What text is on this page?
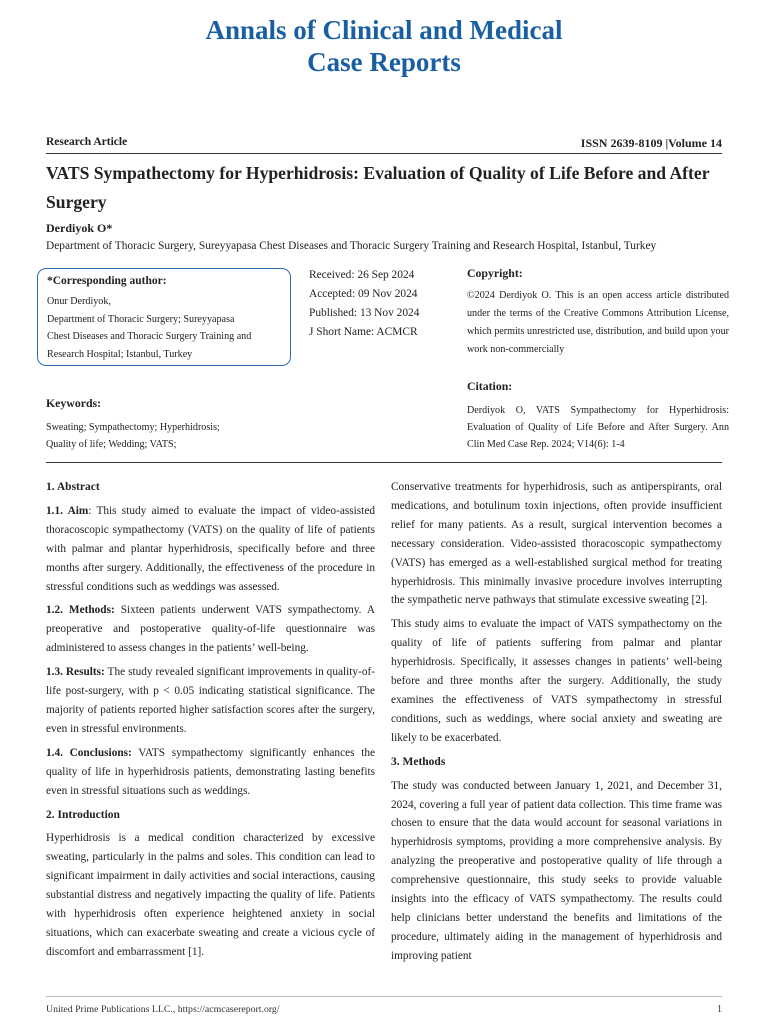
Annals of Clinical and Medical
Case Reports
Research Article	ISSN 2639-8109 |Volume 14
VATS Sympathectomy for Hyperhidrosis: Evaluation of Quality of Life Before and After Surgery
Derdiyok O*
Department of Thoracic Surgery, Sureyyapasa Chest Diseases and Thoracic Surgery Training and Research Hospital, Istanbul, Turkey
*Corresponding author:
Onur Derdiyok,
Department of Thoracic Surgery; Sureyyapasa
Chest Diseases and Thoracic Surgery Training and
Research Hospital; Istanbul, Turkey
Received: 26 Sep 2024
Accepted: 09 Nov 2024
Published: 13 Nov 2024
J Short Name: ACMCR
Copyright:
©2024 Derdiyok O. This is an open access article distributed under the terms of the Creative Commons Attribution License, which permits unrestricted use, distribution, and build upon your work non-commercially
Keywords:
Sweating; Sympathectomy; Hyperhidrosis;
Quality of life; Wedding; VATS;
Citation:
Derdiyok O, VATS Sympathectomy for Hyperhidrosis: Evaluation of Quality of Life Before and After Surgery. Ann Clin Med Case Rep. 2024; V14(6): 1-4
1. Abstract

1.1. Aim: This study aimed to evaluate the impact of video-assisted thoracoscopic sympathectomy (VATS) on the quality of life of patients with palmar and plantar hyperhidrosis, specifically before and three months after surgery. Additionally, the effectiveness of the procedure in stressful conditions such as weddings was assessed.

1.2. Methods: Sixteen patients underwent VATS sympathectomy. A preoperative and postoperative quality-of-life questionnaire was administered to assess changes in the patients’ well-being.

1.3. Results: The study revealed significant improvements in quality-of-life post-surgery, with p < 0.05 indicating statistical significance. The majority of patients reported higher satisfaction scores after the surgery, even in stressful environments.

1.4. Conclusions: VATS sympathectomy significantly enhances the quality of life in hyperhidrosis patients, demonstrating lasting benefits even in stressful situations such as weddings.

2. Introduction

Hyperhidrosis is a medical condition characterized by excessive sweating, particularly in the palms and soles. This condition can lead to significant impairment in daily activities and social interactions, causing substantial distress and negatively impacting the quality of life. Patients with hyperhidrosis often experience heightened anxiety in social situations, which can exacerbate sweating and create a vicious cycle of discomfort and embarrassment [1].

Conservative treatments for hyperhidrosis, such as antiperspirants, oral medications, and botulinum toxin injections, often provide insufficient relief for many patients. As a result, surgical intervention becomes a necessary consideration. Video-assisted thoracoscopic sympathectomy (VATS) has emerged as a well-established surgical method for treating hyperhidrosis. This minimally invasive procedure involves interrupting the sympathetic nerve pathways that stimulate excessive sweating [2].

This study aims to evaluate the impact of VATS sympathectomy on the quality of life of patients suffering from palmar and plantar hyperhidrosis. Specifically, it assesses changes in patients’ well-being before and three months after the surgery. Additionally, the study examines the effectiveness of VATS sympathectomy in stressful conditions, such as weddings, where social anxiety and sweating are likely to be exacerbated.

3. Methods

The study was conducted between January 1, 2021, and December 31, 2024, covering a full year of patient data collection. This time frame was chosen to ensure that the data would account for seasonal variations in hyperhidrosis symptoms, providing a more comprehensive analysis. By analyzing the preoperative and postoperative quality of life through a comprehensive questionnaire, this study seeks to provide valuable insights into the efficacy of VATS sympathectomy. The results could help clinicians better understand the benefits and limitations of the procedure, ultimately aiding in the management of hyperhidrosis and improving patient

United Prime Publications LLC., https://acmcasereport.org/	1
